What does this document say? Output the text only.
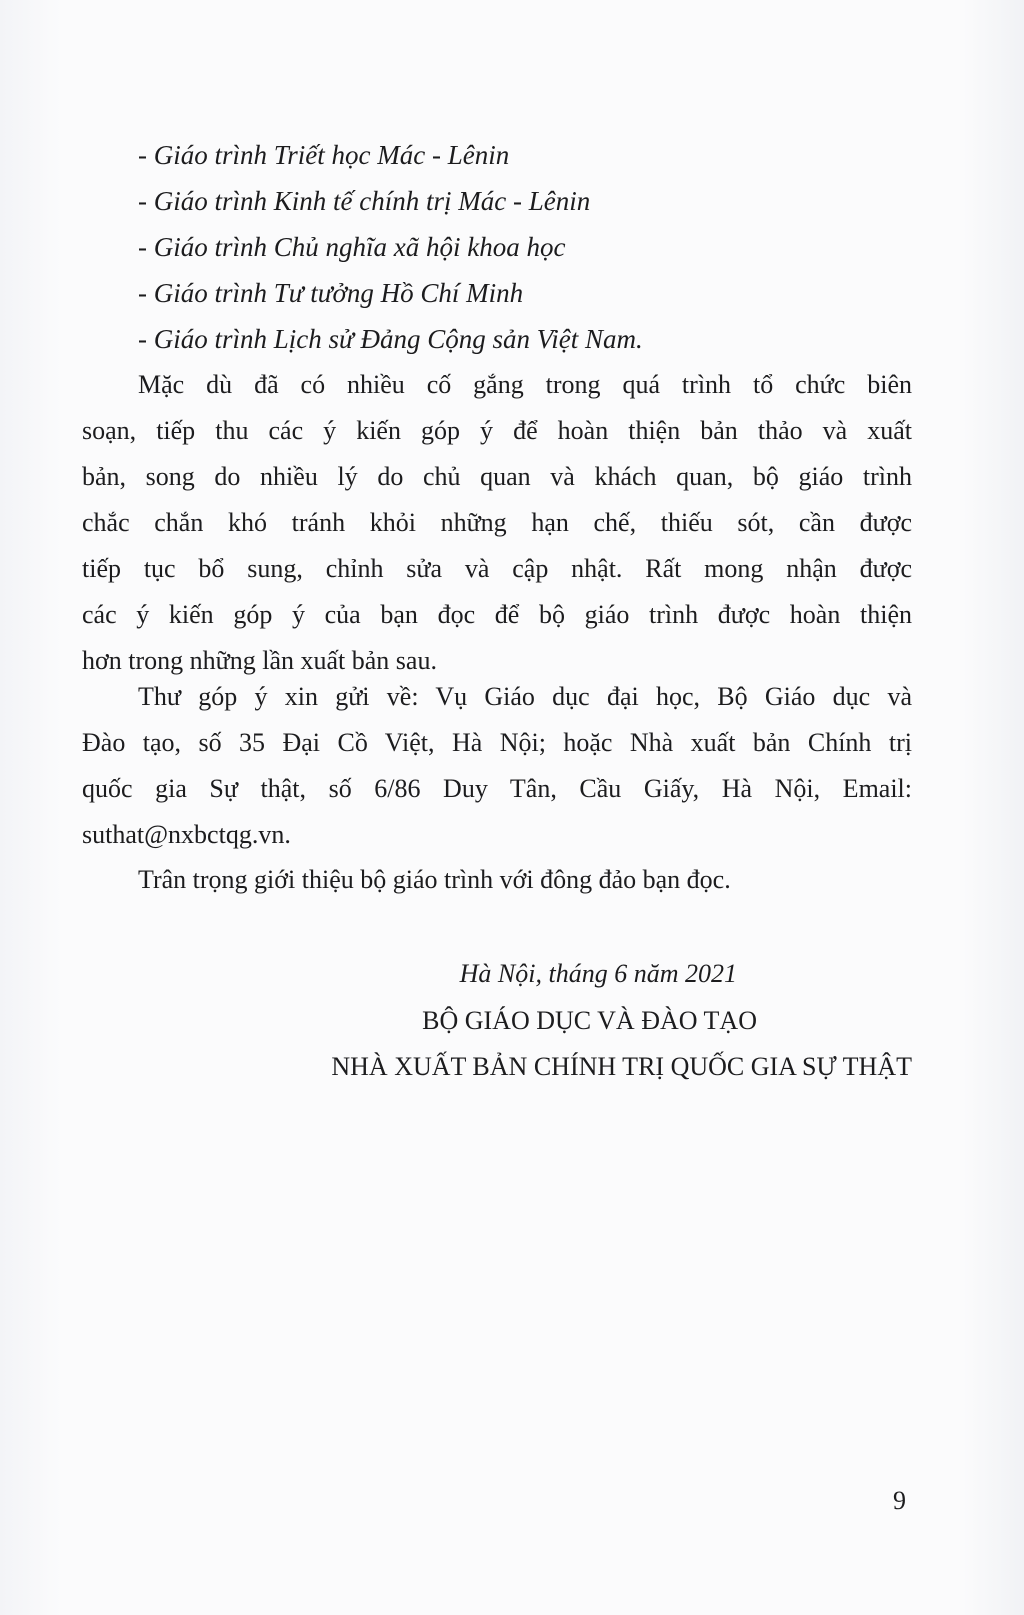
- Giáo trình Triết học Mác - Lênin
- Giáo trình Kinh tế chính trị Mác - Lênin
- Giáo trình Chủ nghĩa xã hội khoa học
- Giáo trình Tư tưởng Hồ Chí Minh
- Giáo trình Lịch sử Đảng Cộng sản Việt Nam.
Mặc dù đã có nhiều cố gắng trong quá trình tổ chức biên
soạn, tiếp thu các ý kiến góp ý để hoàn thiện bản thảo và xuất
bản, song do nhiều lý do chủ quan và khách quan, bộ giáo trình
chắc chắn khó tránh khỏi những hạn chế, thiếu sót, cần được
tiếp tục bổ sung, chỉnh sửa và cập nhật. Rất mong nhận được
các ý kiến góp ý của bạn đọc để bộ giáo trình được hoàn thiện
hơn trong những lần xuất bản sau.
Thư góp ý xin gửi về: Vụ Giáo dục đại học, Bộ Giáo dục và
Đào tạo, số 35 Đại Cồ Việt, Hà Nội; hoặc Nhà xuất bản Chính trị
quốc gia Sự thật, số 6/86 Duy Tân, Cầu Giấy, Hà Nội, Email:
suthat@nxbctqg.vn.
Trân trọng giới thiệu bộ giáo trình với đông đảo bạn đọc.
Hà Nội, tháng 6 năm 2021
BỘ GIÁO DỤC VÀ ĐÀO TẠO
NHÀ XUẤT BẢN CHÍNH TRỊ QUỐC GIA SỰ THẬT
9
